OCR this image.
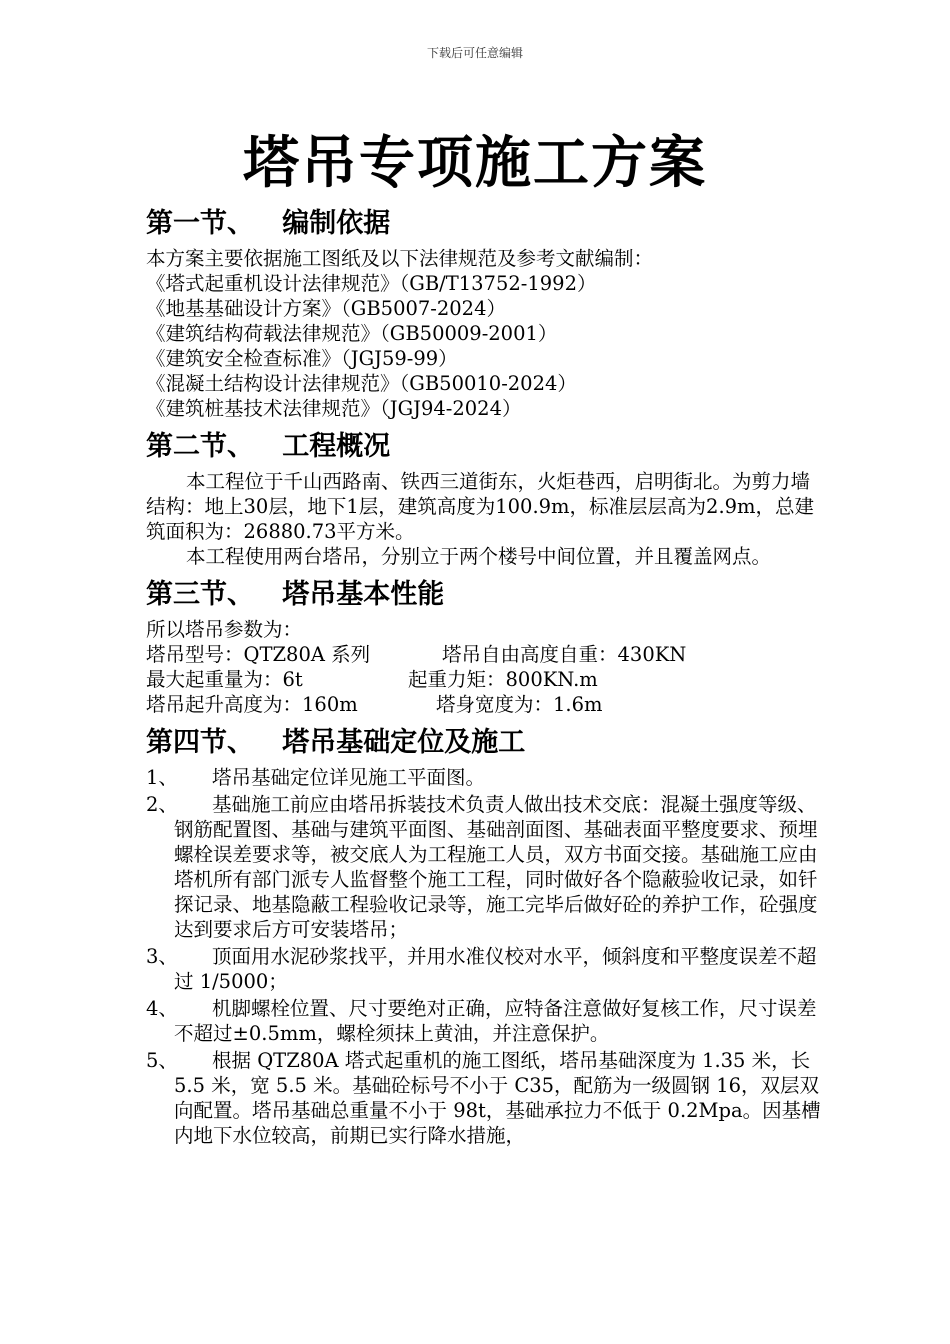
下载后可任意编辑
塔吊专项施工方案
第一节、   编制依据
本方案主要依据施工图纸及以下法律规范及参考文献编制：
《塔式起重机设计法律规范》（GB/T13752-1992）
《地基基础设计方案》（GB5007-2024）
《建筑结构荷载法律规范》（GB50009-2001）
《建筑安全检查标准》（JGJ59-99）
《混凝土结构设计法律规范》（GB50010-2024）
《建筑桩基技术法律规范》（JGJ94-2024）
第二节、   工程概况
本工程位于千山西路南、铁西三道街东，火炬巷西，启明街北。为剪力墙结构：地上30层，地下1层，建筑高度为100.9m，标准层层高为2.9m，总建筑面积为：26880.73平方米。
本工程使用两台塔吊，分别立于两个楼号中间位置，并且覆盖网点。
第三节、   塔吊基本性能
所以塔吊参数为：
塔吊型号：QTZ80A 系列	塔吊自由高度自重：430KN
最大起重量为：6t	起重力矩：800KN.m
塔吊起升高度为：160m	塔身宽度为：1.6m
第四节、   塔吊基础定位及施工
1、	塔吊基础定位详见施工平面图。
2、	基础施工前应由塔吊拆装技术负责人做出技术交底：混凝土强度等级、钢筋配置图、基础与建筑平面图、基础剖面图、基础表面平整度要求、预埋螺栓误差要求等，被交底人为工程施工人员，双方书面交接。基础施工应由塔机所有部门派专人监督整个施工工程，同时做好各个隐蔽验收记录，如钎探记录、地基隐蔽工程验收记录等，施工完毕后做好砼的养护工作，砼强度达到要求后方可安装塔吊；
3、	顶面用水泥砂浆找平，并用水准仪校对水平，倾斜度和平整度误差不超过 1/5000；
4、	机脚螺栓位置、尺寸要绝对正确，应特备注意做好复核工作，尺寸误差不超过±0.5mm，螺栓须抹上黄油，并注意保护。
5、	根据 QTZ80A 塔式起重机的施工图纸，塔吊基础深度为 1.35 米，长 5.5 米，宽 5.5 米。基础砼标号不小于 C35，配筋为一级圆钢 16，双层双向配置。塔吊基础总重量不小于 98t，基础承拉力不低于 0.2Mpa。因基槽内地下水位较高，前期已实行降水措施，
